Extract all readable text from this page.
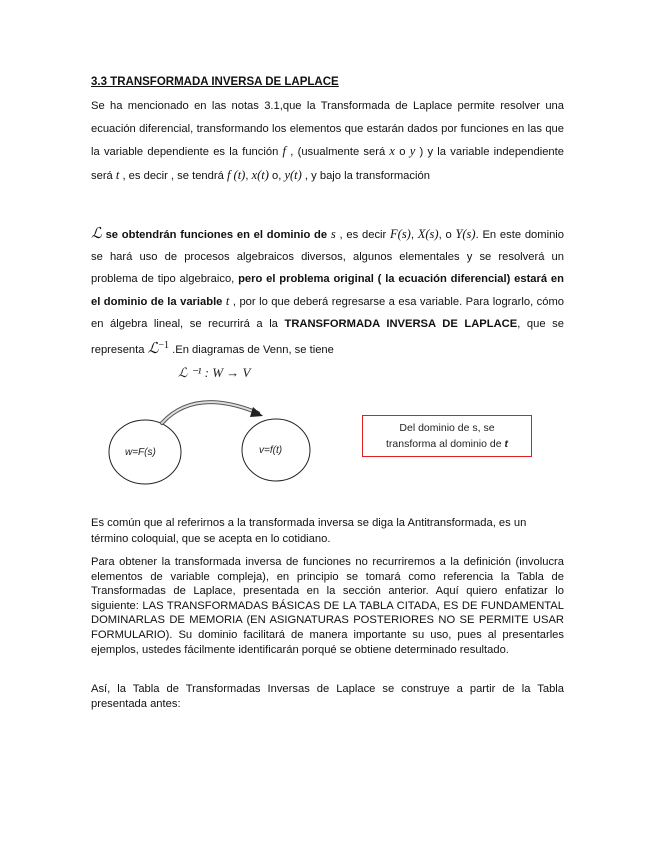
3.3 TRANSFORMADA INVERSA DE LAPLACE

Se ha mencionado en las notas 3.1,que la Transformada de Laplace permite resolver una ecuación diferencial, transformando los elementos que estarán dados por funciones en las que la variable dependiente es la función f , (usualmente será x o y ) y la variable independiente será t , es decir , se tendrá f (t), x(t) o, y(t) , y bajo la transformación

ℒ se obtendrán funciones en el dominio de s , es decir F(s), X(s), o Y(s). En este dominio se hará uso de procesos algebraicos diversos, algunos elementales y se resolverá un problema de tipo algebraico, pero el problema original ( la ecuación diferencial) estará en el dominio de la variable t , por lo que deberá regresarse a esa variable. Para lograrlo, cómo en álgebra lineal, se recurrirá a la TRANSFORMADA INVERSA DE LAPLACE, que se representa ℒ−1 .En diagramas de Venn, se tiene

ℒ ⁻¹ : W → V
w=F(s)	v=f(t)
Del dominio de s, se
transforma al dominio de t

Es común que al referirnos a la transformada inversa se diga la Antitransformada, es un término coloquial, que se acepta en lo cotidiano.

Para obtener la transformada inversa de funciones no recurriremos a la definición (involucra elementos de variable compleja), en principio se tomará como referencia la Tabla de Transformadas de Laplace, presentada en la sección anterior. Aquí quiero enfatizar lo siguiente: LAS TRANSFORMADAS BÁSICAS DE LA TABLA CITADA, ES DE FUNDAMENTAL DOMINARLAS DE MEMORIA (EN ASIGNATURAS POSTERIORES NO SE PERMITE USAR FORMULARIO). Su dominio facilitará de manera importante su uso, pues al presentarles ejemplos, ustedes fácilmente identificarán porqué se obtiene determinado resultado.

Así, la Tabla de Transformadas Inversas de Laplace se construye a partir de la Tabla presentada antes:
